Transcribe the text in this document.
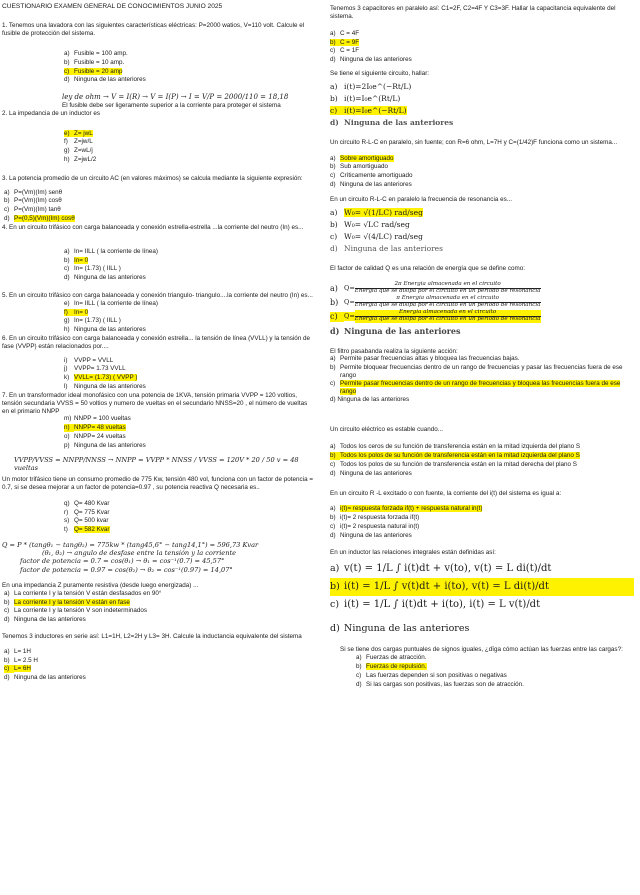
CUESTIONARIO EXAMEN GENERAL DE CONOCIMIENTOS JUNIO 2025

1. Tenemos una lavadora con las siguientes características eléctricas: P=2000 watios, V=110 volt. Calcule el fusible de protección del sistema.

a) Fusible = 100 amp.
b) Fusible = 10 amp.
c) Fusible = 20 amp
d) Ninguna de las anteriores

ley de ohm → V = I(R) → V = I(P) → I = V/P = 2000/110 = 18,18

El fusible debe ser ligeramente superior a la corriente para proteger el sistema

2. La impedancia de un inductor es

e) Z= jwL
f) Z=jw/L
g) Z=wL/j
h) Z=jwL/2

3. La potencia promedio de un circuito AC (en valores máximos) se calcula mediante la siguiente expresión:

a) P=(Vm)(Im) senθ
b) P=(Vm)(Im) cosθ
c) P=(Vm)(Im) tanθ
d) P=(0,5)(Vm)(Im) cosθ

4. En un circuito trifásico con carga balanceada y conexión estrella-estrella ...la corriente del neutro (In) es...

a) In= IILL ( la corriente de línea)
b) In= 0
c) In= (1.73) ( IILL )
d) Ninguna de las anteriores

5. En un circuito trifásico con carga balanceada y conexión triangulo- triangulo....la corriente del neutro (In) es...

e) In= IILL ( la corriente de línea)
f) In= 0
g) In= (1.73) ( IILL )
h) Ninguna de las anteriores

6. En un circuito trifásico con carga balanceada y conexión estrella... la tensión de línea (VVLL) y la tensión de fase (VVPP) están relacionados por....

i)	VVPP = VVLL
j)	VVPP= 1.73 VVLL
k) VVLL= (1.73) ( VVPP )
l)	Ninguna de las anteriores

7. En un transformador ideal monofásico con una potencia de 1KVA, tensión primaria VVPP = 120 voltios, tensión secundaria VVSS = 50 voltios y numero de vueltas en el secundario NNSS=20 , el número de vueltas en el primario NNPP

m) NNPP = 100 vueltas
n) NNPP= 48 vueltas
o) NNPP= 24 vueltas
p) Ninguna de las anteriores

VVPP/VVSS = NNPP/NNSS → NNPP = VVPP * NNSS / VVSS = 120V * 20 / 50 v = 48 vueltas

Un motor trifásico tiene un consumo promedio de 775 Kw, tensión 480 vol, funciona con un factor de potencia = 0.7, si se desea mejorar a un factor de potencia=0.97 , su potencia reactiva Q necesaria es..

q) Q= 480 Kvar
r) Q= 775 Kvar
s) Q= 500 kvar
t) Q= 582 Kvar

Q = P * (tangθ₁ − tangθ₂) = 775kw * (tang45,6° − tang14,1°) = 596,73 Kvar

(θ₁, θ₂) → angulo de desfase entre la tensión y la corriente

factor de potencia = 0.7 = cos(θ₁) → θ₁ = cos⁻¹(0.7) = 45,57°

factor de potencia = 0.97 = cos(θ₂) → θ₂ = cos⁻¹(0.97) = 14,07°

En una impedancia Z puramente resistiva (desde luego energizada) ...

a) La corriente I y la tensión V están desfasados en 90°
b) La corriente I y la tensión V están en fase
c) La corriente I y la tensión V son indeterminados
d) Ninguna de las anteriores

Tenemos 3 inductores en serie así: L1=1H, L2=2H y L3= 3H. Calcule la inductancia equivalente del sistema

a) L= 1H
b) L= 2.5 H
c) L= 6H
d) Ninguna de las anteriores

Tenemos 3 capacitores en paralelo así: C1=2F, C2=4F Y C3=3F. Hallar la capacitancia equivalente del sistema.

a) C = 4F
b) C = 9F
c) C = 1F
d) Ninguna de las anteriores

Se tiene el siguiente circuito, hallar:

a) i(t)=2I₀e^(−Rt/L)
b) i(t)=I₀e^(Rt/L)
c) i(t)=I₀e^(−Rt/L)
d) Ninguna de las anteriores

Un circuito R-L-C en paralelo, sin fuente; con R=6 ohm, L=7H y C=(1/42)F funciona como un sistema...

a) Sobre amortiguado
b) Sub amortiguado
c) Críticamente amortiguado
d) Ninguna de las anteriores

En un circuito R-L-C en paralelo la frecuencia de resonancia es...

a) W₀= √(1/LC) rad/seg
b) W₀= √LC rad/seg
c) W₀= √(4/LC) rad/seg
d) Ninguna de las anteriores

El factor de calidad Q es una relación de energía que se define como:

a) Q=
2π Energia almacenada en el circuito
Energia que se disipa por el circuito en un periodo de resonancia
b) Q=
π Energia almacenada en el circuito
Energia que se disipa por el circuito en un periodo de resonancia
c) Q=
Energia almacenada en el circuito
Energia que se disipa por el circuito en un periodo de resonancia
d) Ninguna de las anteriores

El filtro pasabanda realiza la siguiente acción:

a) Permite pasar frecuencias altas y bloquea las frecuencias bajas.
b) Permite bloquear frecuencias dentro de un rango de frecuencias y pasar las frecuencias fuera de ese rango
c) Permite pasar frecuencias dentro de un rango de frecuencias y bloquea las frecuencias fuera de ese rango
d) Ninguna de las anteriores

Un circuito eléctrico es estable cuando...

a) Todos los ceros de su función de transferencia están en la mitad izquierda del plano S
b) Todos los polos de su función de transferencia están en la mitad izquierda del plano S
c) Todos los polos de su función de transferencia están en la mitad derecha del plano S
d) Ninguna de las anteriores

En un circuito R -L excitado o con fuente, la corriente del i(t) del sistema es igual a:

a) i(t)= respuesta forzada if(t) + respuesta natural in(t)
b) i(t)= 2 respuesta forzada if(t)
c) i(t)= 2 respuesta natural in(t)
d) Ninguna de las anteriores

En un inductor las relaciones integrales están definidas así:

a) v(t) = 1/L ∫ i(t)dt + v(to), v(t) = L di(t)/dt
b) i(t) = 1/L ∫ v(t)dt + i(to), v(t) = L di(t)/dt
c) i(t) = 1/L ∫ i(t)dt + i(to), i(t) = L v(t)/dt
d) Ninguna de las anteriores

Si se tiene dos cargas puntuales de signos iguales, ¿dīga cómo actúan las fuerzas entre las cargas?:

a) Fuerzas de atracción.
b) Fuerzas de repulsión.
c) Las fuerzas dependen si son positivas o negativas
d) Si las cargas son positivas, las fuerzas son de atracción.
